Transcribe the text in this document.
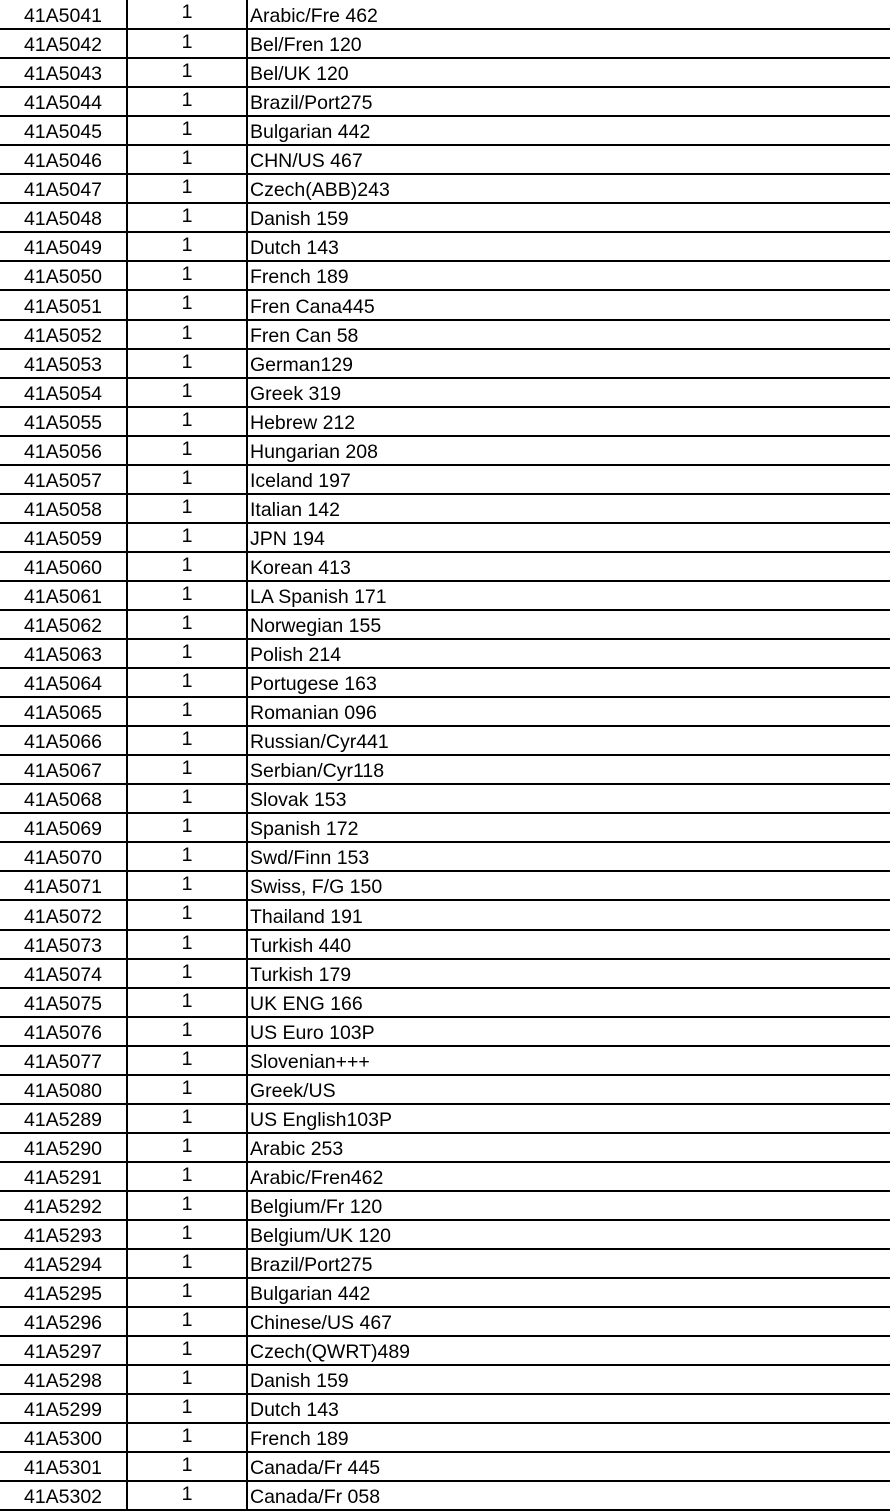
41A5041	1	Arabic/Fre 462
41A5042	1	Bel/Fren 120
41A5043	1	Bel/UK 120
41A5044	1	Brazil/Port275
41A5045	1	Bulgarian 442
41A5046	1	CHN/US 467
41A5047	1	Czech(ABB)243
41A5048	1	Danish 159
41A5049	1	Dutch 143
41A5050	1	French 189
41A5051	1	Fren Cana445
41A5052	1	Fren Can 58
41A5053	1	German129
41A5054	1	Greek 319
41A5055	1	Hebrew 212
41A5056	1	Hungarian 208
41A5057	1	Iceland 197
41A5058	1	Italian 142
41A5059	1	JPN 194
41A5060	1	Korean 413
41A5061	1	LA Spanish 171
41A5062	1	Norwegian 155
41A5063	1	Polish 214
41A5064	1	Portugese 163
41A5065	1	Romanian 096
41A5066	1	Russian/Cyr441
41A5067	1	Serbian/Cyr118
41A5068	1	Slovak 153
41A5069	1	Spanish 172
41A5070	1	Swd/Finn 153
41A5071	1	Swiss, F/G 150
41A5072	1	Thailand 191
41A5073	1	Turkish 440
41A5074	1	Turkish 179
41A5075	1	UK ENG 166
41A5076	1	US Euro 103P
41A5077	1	Slovenian+++
41A5080	1	Greek/US
41A5289	1	US English103P
41A5290	1	Arabic 253
41A5291	1	Arabic/Fren462
41A5292	1	Belgium/Fr 120
41A5293	1	Belgium/UK 120
41A5294	1	Brazil/Port275
41A5295	1	Bulgarian 442
41A5296	1	Chinese/US 467
41A5297	1	Czech(QWRT)489
41A5298	1	Danish 159
41A5299	1	Dutch 143
41A5300	1	French 189
41A5301	1	Canada/Fr 445
41A5302	1	Canada/Fr 058
